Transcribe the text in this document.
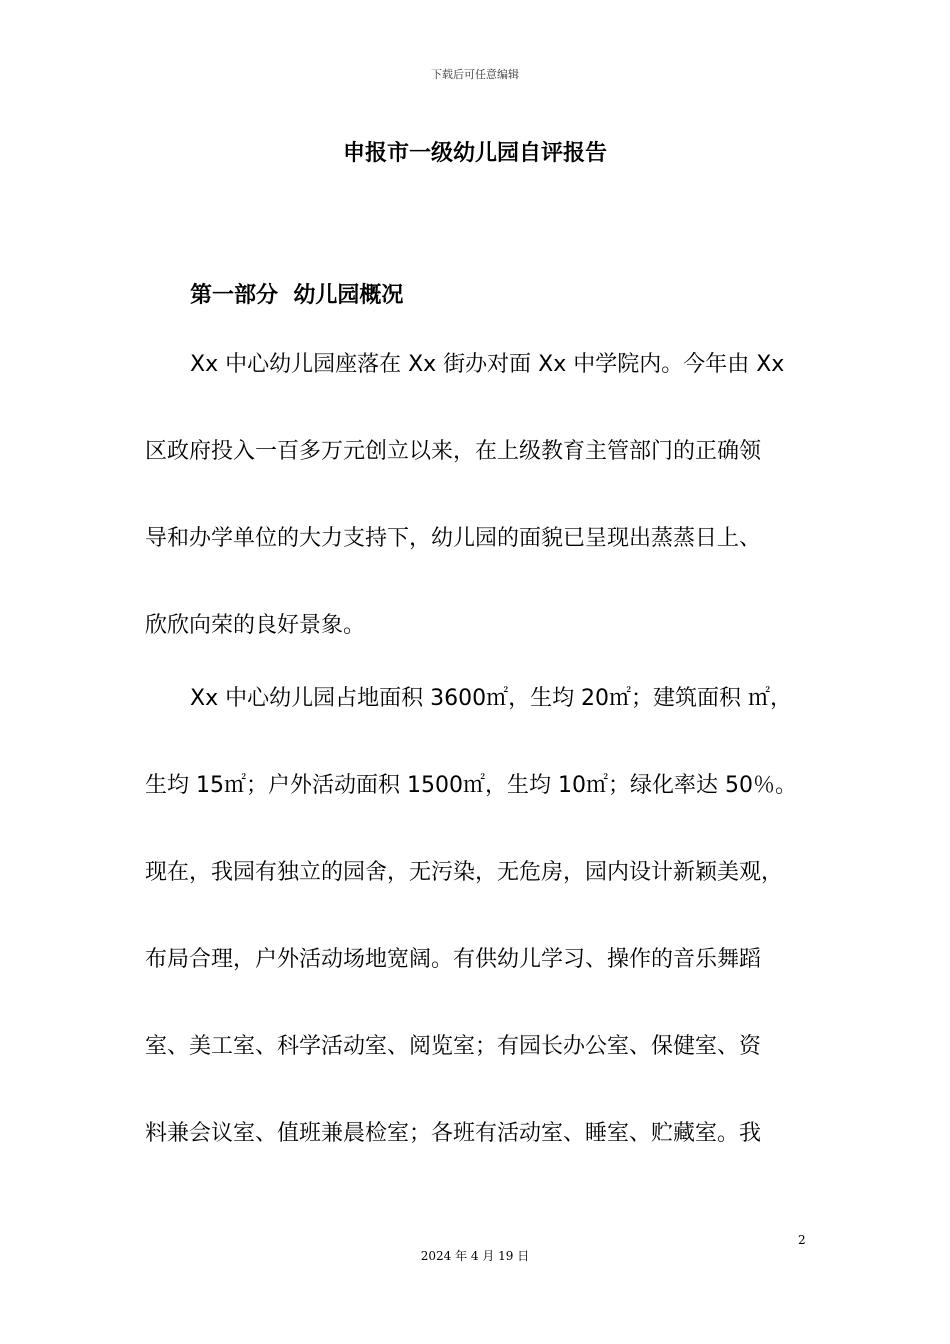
下载后可任意编辑
申报市一级幼儿园自评报告
第一部分  幼儿园概况
Xx 中心幼儿园座落在 Xx 街办对面 Xx 中学院内。今年由 Xx
区政府投入一百多万元创立以来，在上级教育主管部门的正确领
导和办学单位的大力支持下，幼儿园的面貌已呈现出蒸蒸日上、
欣欣向荣的良好景象。
Xx 中心幼儿园占地面积 3600㎡，生均 20㎡；建筑面积 ㎡，
生均 15㎡；户外活动面积 1500㎡，生均 10㎡；绿化率达 50％。
现在，我园有独立的园舍，无污染，无危房，园内设计新颖美观，
布局合理，户外活动场地宽阔。有供幼儿学习、操作的音乐舞蹈
室、美工室、科学活动室、阅览室；有园长办公室、保健室、资
料兼会议室、值班兼晨检室；各班有活动室、睡室、贮藏室。我
2
2024 年 4 月 19 日
